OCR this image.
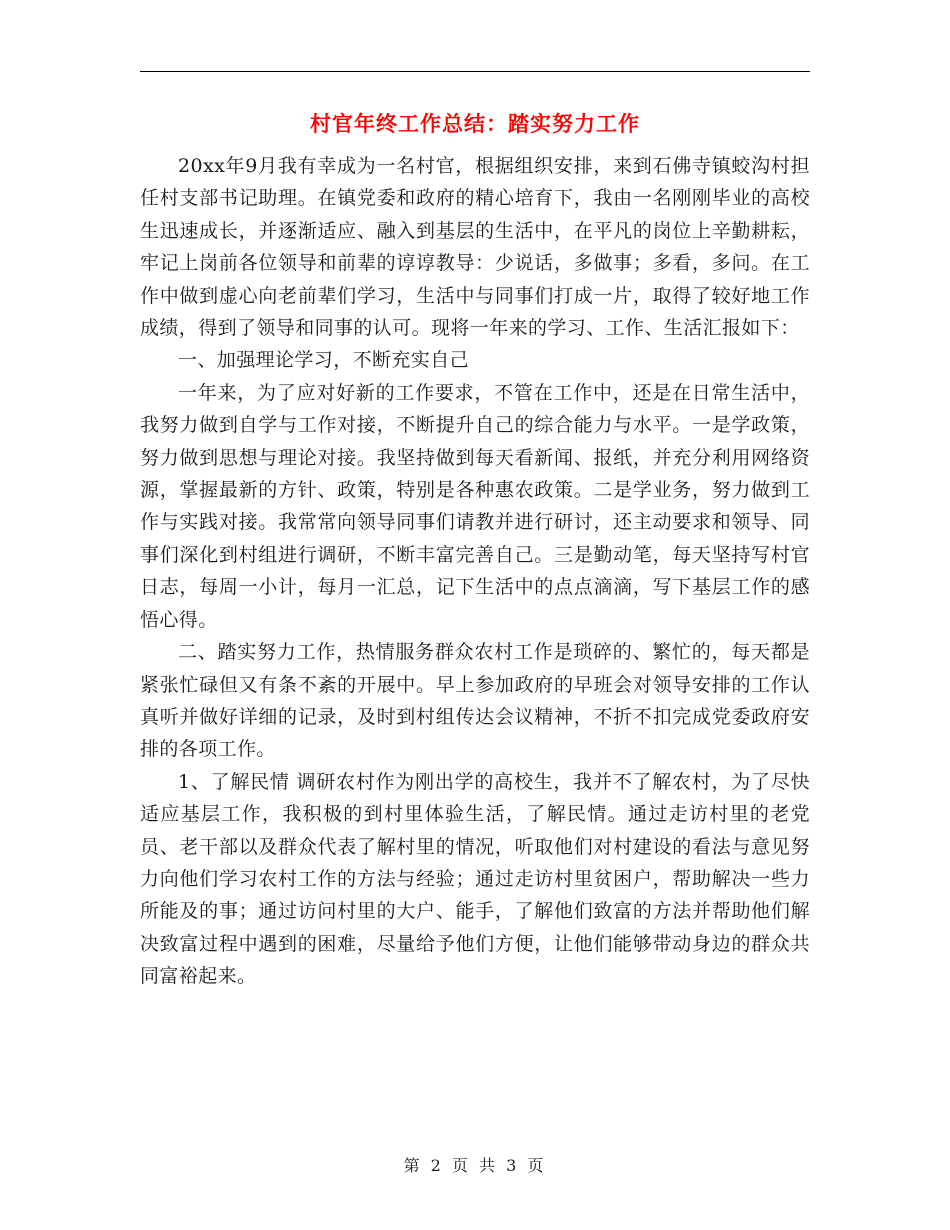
村官年终工作总结：踏实努力工作

20xx年9月我有幸成为一名村官，根据组织安排，来到石佛寺镇蛟沟村担任村支部书记助理。在镇党委和政府的精心培育下，我由一名刚刚毕业的高校生迅速成长，并逐渐适应、融入到基层的生活中，在平凡的岗位上辛勤耕耘，牢记上岗前各位领导和前辈的谆谆教导：少说话，多做事；多看，多问。在工作中做到虚心向老前辈们学习，生活中与同事们打成一片，取得了较好地工作成绩，得到了领导和同事的认可。现将一年来的学习、工作、生活汇报如下：

一、加强理论学习，不断充实自己

一年来，为了应对好新的工作要求，不管在工作中，还是在日常生活中，我努力做到自学与工作对接，不断提升自己的综合能力与水平。一是学政策，努力做到思想与理论对接。我坚持做到每天看新闻、报纸，并充分利用网络资源，掌握最新的方针、政策，特别是各种惠农政策。二是学业务，努力做到工作与实践对接。我常常向领导同事们请教并进行研讨，还主动要求和领导、同事们深化到村组进行调研，不断丰富完善自己。三是勤动笔，每天坚持写村官日志，每周一小计，每月一汇总，记下生活中的点点滴滴，写下基层工作的感悟心得。

二、踏实努力工作，热情服务群众农村工作是琐碎的、繁忙的，每天都是紧张忙碌但又有条不紊的开展中。早上参加政府的早班会对领导安排的工作认真听并做好详细的记录，及时到村组传达会议精神，不折不扣完成党委政府安排的各项工作。

1、了解民情 调研农村作为刚出学的高校生，我并不了解农村，为了尽快适应基层工作，我积极的到村里体验生活，了解民情。通过走访村里的老党员、老干部以及群众代表了解村里的情况，听取他们对村建设的看法与意见努力向他们学习农村工作的方法与经验；通过走访村里贫困户，帮助解决一些力所能及的事；通过访问村里的大户、能手，了解他们致富的方法并帮助他们解决致富过程中遇到的困难，尽量给予他们方便，让他们能够带动身边的群众共同富裕起来。

第 2 页 共 3 页
